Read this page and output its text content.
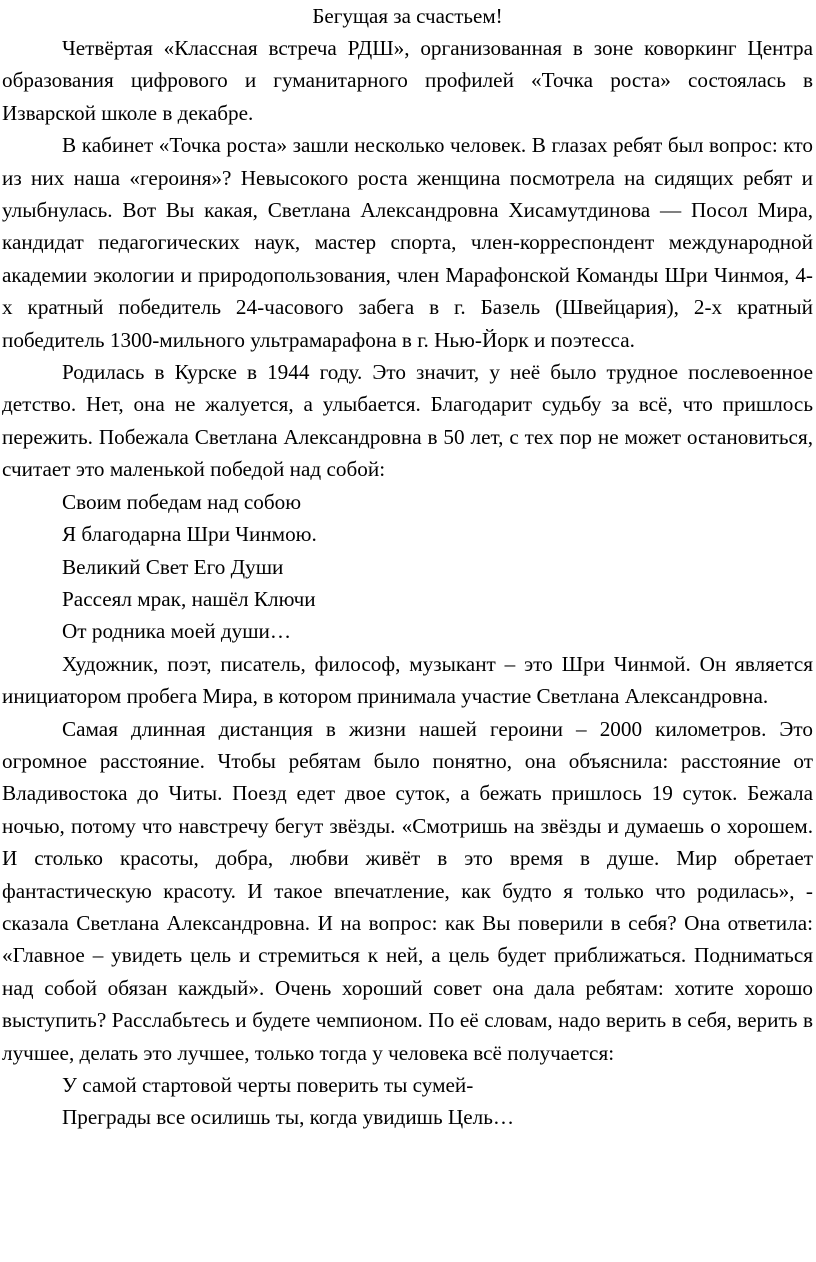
Бегущая за счастьем!

Четвёртая «Классная встреча РДШ», организованная в зоне коворкинг Центра образования цифрового и гуманитарного профилей «Точка роста» состоялась в Изварской школе в декабре.

В кабинет «Точка роста» зашли несколько человек. В глазах ребят был вопрос: кто из них наша «героиня»? Невысокого роста женщина посмотрела на сидящих ребят и улыбнулась. Вот Вы какая, Светлана Александровна Хисамутдинова — Посол Мира, кандидат педагогических наук, мастер спорта, член-корреспондент международной академии экологии и природопользования, член Марафонской Команды Шри Чинмоя, 4-х кратный победитель 24-часового забега в г. Базель (Швейцария), 2-х кратный победитель 1300-мильного ультрамарафона в г. Нью-Йорк и поэтесса.

Родилась в Курске в 1944 году. Это значит, у неё было трудное послевоенное детство. Нет, она не жалуется, а улыбается. Благодарит судьбу за всё, что пришлось пережить. Побежала Светлана Александровна в 50 лет, с тех пор не может остановиться, считает это маленькой победой над собой:

Своим победам над собою

Я благодарна Шри Чинмою.

Великий Свет Его Души

Рассеял мрак, нашёл Ключи

От родника моей души…

Художник, поэт, писатель, философ, музыкант – это Шри Чинмой. Он является инициатором пробега Мира, в котором принимала участие Светлана Александровна.

Самая длинная дистанция в жизни нашей героини – 2000 километров. Это огромное расстояние. Чтобы ребятам было понятно, она объяснила: расстояние от Владивостока до Читы. Поезд едет двое суток, а бежать пришлось 19 суток. Бежала ночью, потому что навстречу бегут звёзды. «Смотришь на звёзды и думаешь о хорошем. И столько красоты, добра, любви живёт в это время в душе. Мир обретает фантастическую красоту. И такое впечатление, как будто я только что родилась», - сказала Светлана Александровна. И на вопрос: как Вы поверили в себя? Она ответила: «Главное – увидеть цель и стремиться к ней, а цель будет приближаться. Подниматься над собой обязан каждый». Очень хороший совет она дала ребятам: хотите хорошо выступить? Расслабьтесь и будете чемпионом. По её словам, надо верить в себя, верить в лучшее, делать это лучшее, только тогда у человека всё получается:

У самой стартовой черты поверить ты сумей-

Преграды все осилишь ты, когда увидишь Цель…
